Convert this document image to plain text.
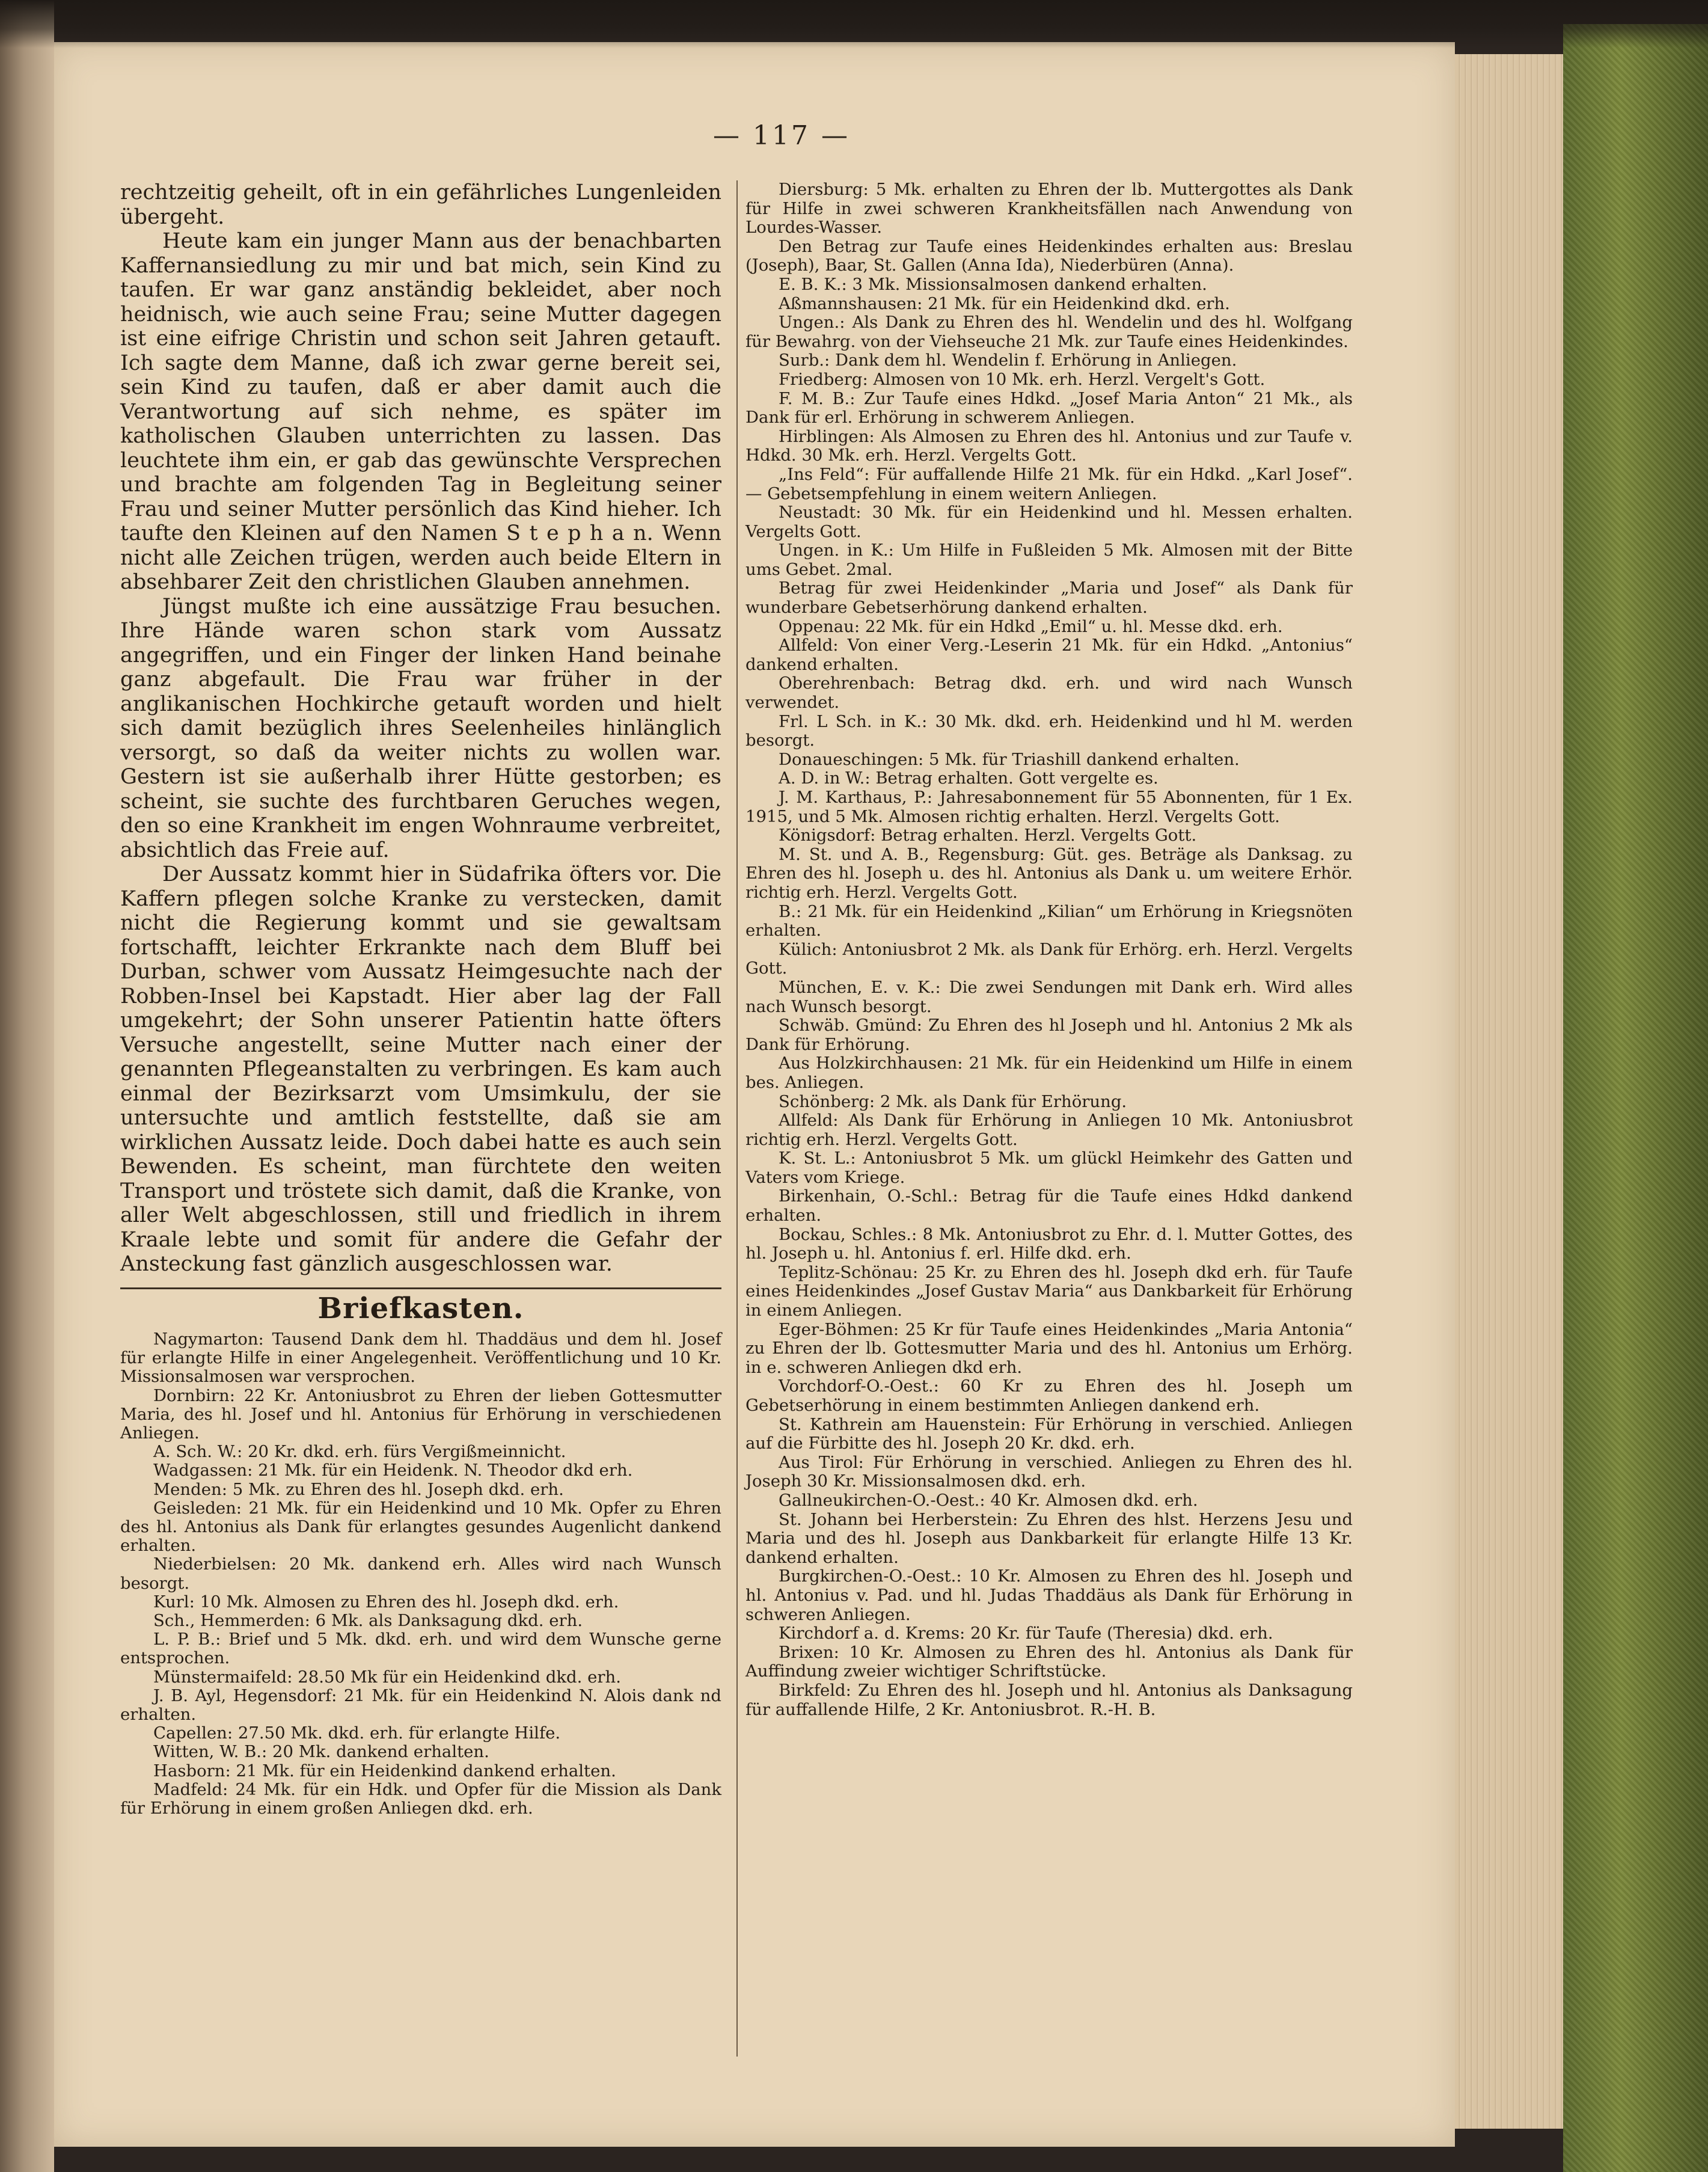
— 117 —

rechtzeitig geheilt, oft in ein gefährliches Lungenleiden übergeht.

Heute kam ein junger Mann aus der benachbarten Kaffernansiedlung zu mir und bat mich, sein Kind zu taufen. Er war ganz anständig bekleidet, aber noch heidnisch, wie auch seine Frau; seine Mutter dagegen ist eine eifrige Christin und schon seit Jahren getauft. Ich sagte dem Manne, daß ich zwar gerne bereit sei, sein Kind zu taufen, daß er aber damit auch die Verantwortung auf sich nehme, es später im katholischen Glauben unterrichten zu lassen. Das leuchtete ihm ein, er gab das gewünschte Versprechen und brachte am folgenden Tag in Begleitung seiner Frau und seiner Mutter persönlich das Kind hieher. Ich taufte den Kleinen auf den Namen S t e p h a n. Wenn nicht alle Zeichen trügen, werden auch beide Eltern in absehbarer Zeit den christlichen Glauben annehmen.

Jüngst mußte ich eine aussätzige Frau besuchen. Ihre Hände waren schon stark vom Aussatz angegriffen, und ein Finger der linken Hand beinahe ganz abgefault. Die Frau war früher in der anglikanischen Hochkirche getauft worden und hielt sich damit bezüglich ihres Seelenheiles hinlänglich versorgt, so daß da weiter nichts zu wollen war. Gestern ist sie außerhalb ihrer Hütte gestorben; es scheint, sie suchte des furchtbaren Geruches wegen, den so eine Krankheit im engen Wohnraume verbreitet, absichtlich das Freie auf.

Der Aussatz kommt hier in Südafrika öfters vor. Die Kaffern pflegen solche Kranke zu verstecken, damit nicht die Regierung kommt und sie gewaltsam fortschafft, leichter Erkrankte nach dem Bluff bei Durban, schwer vom Aussatz Heimgesuchte nach der Robben-Insel bei Kapstadt. Hier aber lag der Fall umgekehrt; der Sohn unserer Patientin hatte öfters Versuche angestellt, seine Mutter nach einer der genannten Pflegeanstalten zu verbringen. Es kam auch einmal der Bezirksarzt vom Umsimkulu, der sie untersuchte und amtlich feststellte, daß sie am wirklichen Aussatz leide. Doch dabei hatte es auch sein Bewenden. Es scheint, man fürchtete den weiten Transport und tröstete sich damit, daß die Kranke, von aller Welt abgeschlossen, still und friedlich in ihrem Kraale lebte und somit für andere die Gefahr der Ansteckung fast gänzlich ausgeschlossen war.

Briefkasten.

Nagymarton: Tausend Dank dem hl. Thaddäus und dem hl. Josef für erlangte Hilfe in einer Angelegenheit. Veröffentlichung und 10 Kr. Missionsalmosen war versprochen.

Dornbirn: 22 Kr. Antoniusbrot zu Ehren der lieben Gottesmutter Maria, des hl. Josef und hl. Antonius für Erhörung in verschiedenen Anliegen.

A. Sch. W.: 20 Kr. dkd. erh. fürs Vergißmeinnicht.

Wadgassen: 21 Mk. für ein Heidenk. N. Theodor dkd erh.

Menden: 5 Mk. zu Ehren des hl. Joseph dkd. erh.

Geisleden: 21 Mk. für ein Heidenkind und 10 Mk. Opfer zu Ehren des hl. Antonius als Dank für erlangtes gesundes Augenlicht dankend erhalten.

Niederbielsen: 20 Mk. dankend erh. Alles wird nach Wunsch besorgt.

Kurl: 10 Mk. Almosen zu Ehren des hl. Joseph dkd. erh.

Sch., Hemmerden: 6 Mk. als Danksagung dkd. erh.

L. P. B.: Brief und 5 Mk. dkd. erh. und wird dem Wunsche gerne entsprochen.

Münstermaifeld: 28.50 Mk für ein Heidenkind dkd. erh.

J. B. Ayl, Hegensdorf: 21 Mk. für ein Heidenkind N. Alois dank nd erhalten.

Capellen: 27.50 Mk. dkd. erh. für erlangte Hilfe.

Witten, W. B.: 20 Mk. dankend erhalten.

Hasborn: 21 Mk. für ein Heidenkind dankend erhalten.

Madfeld: 24 Mk. für ein Hdk. und Opfer für die Mission als Dank für Erhörung in einem großen Anliegen dkd. erh.

Diersburg: 5 Mk. erhalten zu Ehren der lb. Muttergottes als Dank für Hilfe in zwei schweren Krankheitsfällen nach Anwendung von Lourdes-Wasser.

Den Betrag zur Taufe eines Heidenkindes erhalten aus: Breslau (Joseph), Baar, St. Gallen (Anna Ida), Niederbüren (Anna).

E. B. K.: 3 Mk. Missionsalmosen dankend erhalten.

Aßmannshausen: 21 Mk. für ein Heidenkind dkd. erh.

Ungen.: Als Dank zu Ehren des hl. Wendelin und des hl. Wolfgang für Bewahrg. von der Viehseuche 21 Mk. zur Taufe eines Heidenkindes.

Surb.: Dank dem hl. Wendelin f. Erhörung in Anliegen.

Friedberg: Almosen von 10 Mk. erh. Herzl. Vergelt's Gott.

F. M. B.: Zur Taufe eines Hdkd. „Josef Maria Anton“ 21 Mk., als Dank für erl. Erhörung in schwerem Anliegen.

Hirblingen: Als Almosen zu Ehren des hl. Antonius und zur Taufe v. Hdkd. 30 Mk. erh. Herzl. Vergelts Gott.

„Ins Feld“: Für auffallende Hilfe 21 Mk. für ein Hdkd. „Karl Josef“. — Gebetsempfehlung in einem weitern Anliegen.

Neustadt: 30 Mk. für ein Heidenkind und hl. Messen erhalten. Vergelts Gott.

Ungen. in K.: Um Hilfe in Fußleiden 5 Mk. Almosen mit der Bitte ums Gebet. 2mal.

Betrag für zwei Heidenkinder „Maria und Josef“ als Dank für wunderbare Gebetserhörung dankend erhalten.

Oppenau: 22 Mk. für ein Hdkd „Emil“ u. hl. Messe dkd. erh.

Allfeld: Von einer Verg.-Leserin 21 Mk. für ein Hdkd. „Antonius“ dankend erhalten.

Oberehrenbach: Betrag dkd. erh. und wird nach Wunsch verwendet.

Frl. L Sch. in K.: 30 Mk. dkd. erh. Heidenkind und hl M. werden besorgt.

Donaueschingen: 5 Mk. für Triashill dankend erhalten.

A. D. in W.: Betrag erhalten. Gott vergelte es.

J. M. Karthaus, P.: Jahresabonnement für 55 Abonnenten, für 1 Ex. 1915, und 5 Mk. Almosen richtig erhalten. Herzl. Vergelts Gott.

Königsdorf: Betrag erhalten. Herzl. Vergelts Gott.

M. St. und A. B., Regensburg: Güt. ges. Beträge als Danksag. zu Ehren des hl. Joseph u. des hl. Antonius als Dank u. um weitere Erhör. richtig erh. Herzl. Vergelts Gott.

B.: 21 Mk. für ein Heidenkind „Kilian“ um Erhörung in Kriegsnöten erhalten.

Külich: Antoniusbrot 2 Mk. als Dank für Erhörg. erh. Herzl. Vergelts Gott.

München, E. v. K.: Die zwei Sendungen mit Dank erh. Wird alles nach Wunsch besorgt.

Schwäb. Gmünd: Zu Ehren des hl Joseph und hl. Antonius 2 Mk als Dank für Erhörung.

Aus Holzkirchhausen: 21 Mk. für ein Heidenkind um Hilfe in einem bes. Anliegen.

Schönberg: 2 Mk. als Dank für Erhörung.

Allfeld: Als Dank für Erhörung in Anliegen 10 Mk. Antoniusbrot richtig erh. Herzl. Vergelts Gott.

K. St. L.: Antoniusbrot 5 Mk. um glückl Heimkehr des Gatten und Vaters vom Kriege.

Birkenhain, O.-Schl.: Betrag für die Taufe eines Hdkd dankend erhalten.

Bockau, Schles.: 8 Mk. Antoniusbrot zu Ehr. d. l. Mutter Gottes, des hl. Joseph u. hl. Antonius f. erl. Hilfe dkd. erh.

Teplitz-Schönau: 25 Kr. zu Ehren des hl. Joseph dkd erh. für Taufe eines Heidenkindes „Josef Gustav Maria“ aus Dankbarkeit für Erhörung in einem Anliegen.

Eger-Böhmen: 25 Kr für Taufe eines Heidenkindes „Maria Antonia“ zu Ehren der lb. Gottesmutter Maria und des hl. Antonius um Erhörg. in e. schweren Anliegen dkd erh.

Vorchdorf-O.-Oest.: 60 Kr zu Ehren des hl. Joseph um Gebetserhörung in einem bestimmten Anliegen dankend erh.

St. Kathrein am Hauenstein: Für Erhörung in verschied. Anliegen auf die Fürbitte des hl. Joseph 20 Kr. dkd. erh.

Aus Tirol: Für Erhörung in verschied. Anliegen zu Ehren des hl. Joseph 30 Kr. Missionsalmosen dkd. erh.

Gallneukirchen-O.-Oest.: 40 Kr. Almosen dkd. erh.

St. Johann bei Herberstein: Zu Ehren des hlst. Herzens Jesu und Maria und des hl. Joseph aus Dankbarkeit für erlangte Hilfe 13 Kr. dankend erhalten.

Burgkirchen-O.-Oest.: 10 Kr. Almosen zu Ehren des hl. Joseph und hl. Antonius v. Pad. und hl. Judas Thaddäus als Dank für Erhörung in schweren Anliegen.

Kirchdorf a. d. Krems: 20 Kr. für Taufe (Theresia) dkd. erh.

Brixen: 10 Kr. Almosen zu Ehren des hl. Antonius als Dank für Auffindung zweier wichtiger Schriftstücke.

Birkfeld: Zu Ehren des hl. Joseph und hl. Antonius als Danksagung für auffallende Hilfe, 2 Kr. Antoniusbrot. R.-H. B.
